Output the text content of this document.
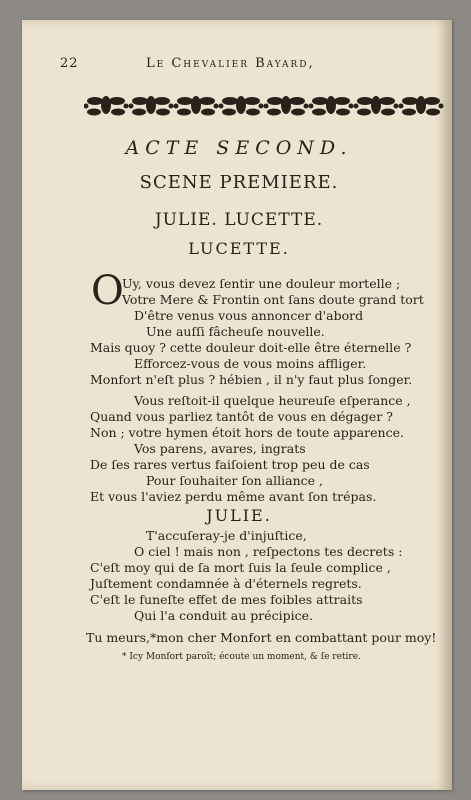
22	Le Chevalier Bayard,
ACTE SECOND.
SCENE PREMIERE.
JULIE. LUCETTE.
LUCETTE.
O
Uy, vous devez ſentir une douleur mortelle ;
Votre Mere & Frontin ont ſans doute grand tort
D'être venus vous annoncer d'abord
Une auſſi fâcheuſe nouvelle.
Mais quoy ? cette douleur doit-elle être éternelle ?
Efforcez-vous de vous moins affliger.
Monfort n'eſt plus ? hébien , il n'y faut plus ſonger.
Vous reſtoit-il quelque heureuſe eſperance ,
Quand vous parliez tantôt de vous en dégager ?
Non ; votre hymen étoit hors de toute apparence.
Vos parens, avares, ingrats
De ſes rares vertus faiſoient trop peu de cas
Pour ſouhaiter ſon alliance ,
Et vous l'aviez perdu même avant ſon trépas.
JULIE.
T'accuſeray-je d'injuſtice,
O ciel ! mais non , reſpectons tes decrets :
C'eſt moy qui de ſa mort ſuis la ſeule complice ,
Juſtement condamnée à d'éternels regrets.
C'eſt le funeſte effet de mes foibles attraits
Qui l'a conduit au précipice.
Tu meurs,*mon cher Monfort en combattant pour moy!
* Icy Monfort paroît; écoute un moment, & ſe retire.
